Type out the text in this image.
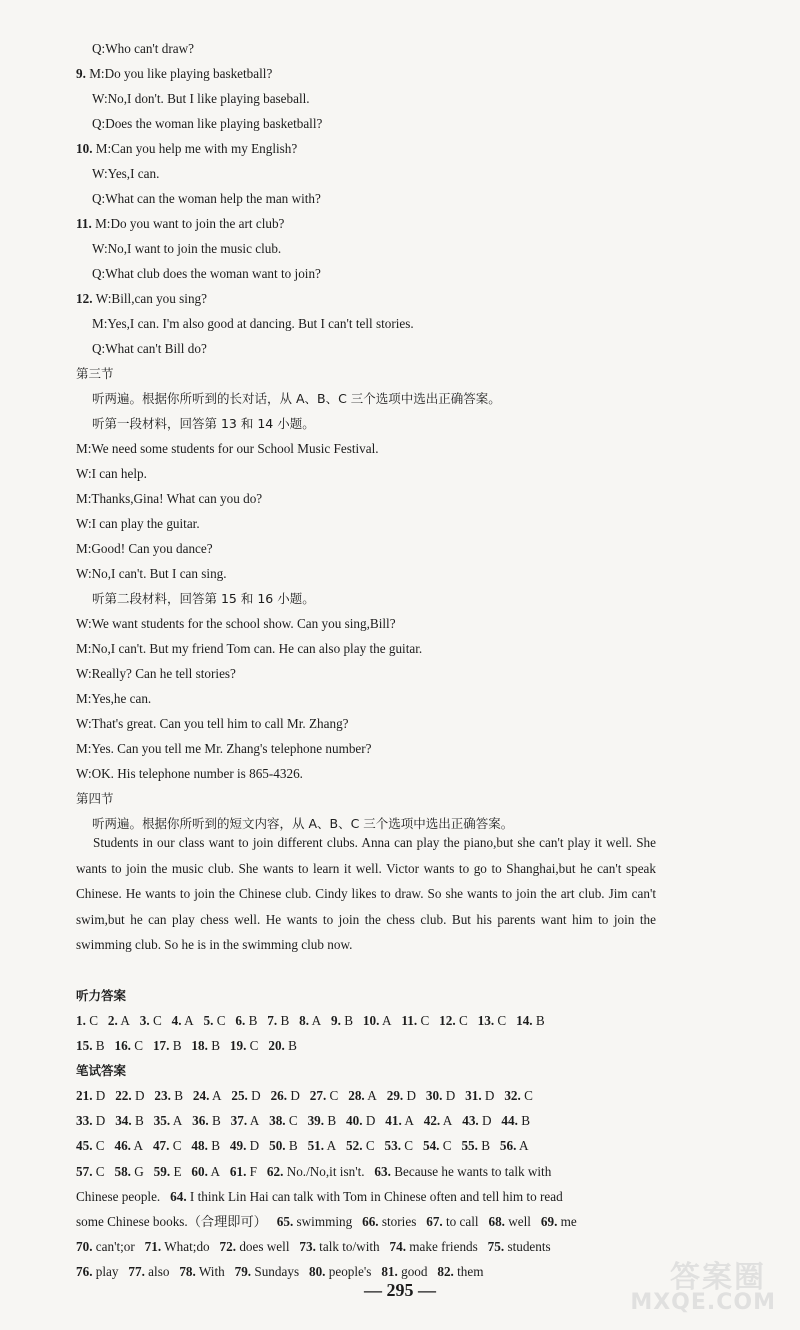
Q:Who can't draw?
9. M:Do you like playing basketball?
W:No,I don't. But I like playing baseball.
Q:Does the woman like playing basketball?
10. M:Can you help me with my English?
W:Yes,I can.
Q:What can the woman help the man with?
11. M:Do you want to join the art club?
W:No,I want to join the music club.
Q:What club does the woman want to join?
12. W:Bill,can you sing?
M:Yes,I can. I'm also good at dancing. But I can't tell stories.
Q:What can't Bill do?
第三节
听两遍。根据你所听到的长对话，从 A、B、C 三个选项中选出正确答案。
听第一段材料，回答第 13 和 14 小题。
M:We need some students for our School Music Festival.
W:I can help.
M:Thanks,Gina! What can you do?
W:I can play the guitar.
M:Good! Can you dance?
W:No,I can't. But I can sing.
听第二段材料，回答第 15 和 16 小题。
W:We want students for the school show. Can you sing,Bill?
M:No,I can't. But my friend Tom can. He can also play the guitar.
W:Really? Can he tell stories?
M:Yes,he can.
W:That's great. Can you tell him to call Mr. Zhang?
M:Yes. Can you tell me Mr. Zhang's telephone number?
W:OK. His telephone number is 865-4326.
第四节
听两遍。根据你所听到的短文内容，从 A、B、C 三个选项中选出正确答案。
Students in our class want to join different clubs. Anna can play the piano,but she can't play it well. She wants to join the music club. She wants to learn it well. Victor wants to go to Shanghai,but he can't speak Chinese. He wants to join the Chinese club. Cindy likes to draw. So she wants to join the art club. Jim can't swim,but he can play chess well. He wants to join the chess club. But his parents want him to join the swimming club. So he is in the swimming club now.
听力答案
1. C 2. A 3. C 4. A 5. C 6. B 7. B 8. A 9. B 10. A 11. C 12. C 13. C 14. B
15. B 16. C 17. B 18. B 19. C 20. B
笔试答案
21. D 22. D 23. B 24. A 25. D 26. D 27. C 28. A 29. D 30. D 31. D 32. C
33. D 34. B 35. A 36. B 37. A 38. C 39. B 40. D 41. A 42. A 43. D 44. B
45. C 46. A 47. C 48. B 49. D 50. B 51. A 52. C 53. C 54. C 55. B 56. A
57. C 58. G 59. E 60. A 61. F 62. No./No,it isn't. 63. Because he wants to talk with
Chinese people. 64. I think Lin Hai can talk with Tom in Chinese often and tell him to read
some Chinese books.（合理即可） 65. swimming 66. stories 67. to call 68. well 69. me
70. can't;or 71. What;do 72. does well 73. talk to/with 74. make friends 75. students
76. play 77. also 78. With 79. Sundays 80. people's 81. good 82. them
— 295 —	答案圈
MXQE.COM
